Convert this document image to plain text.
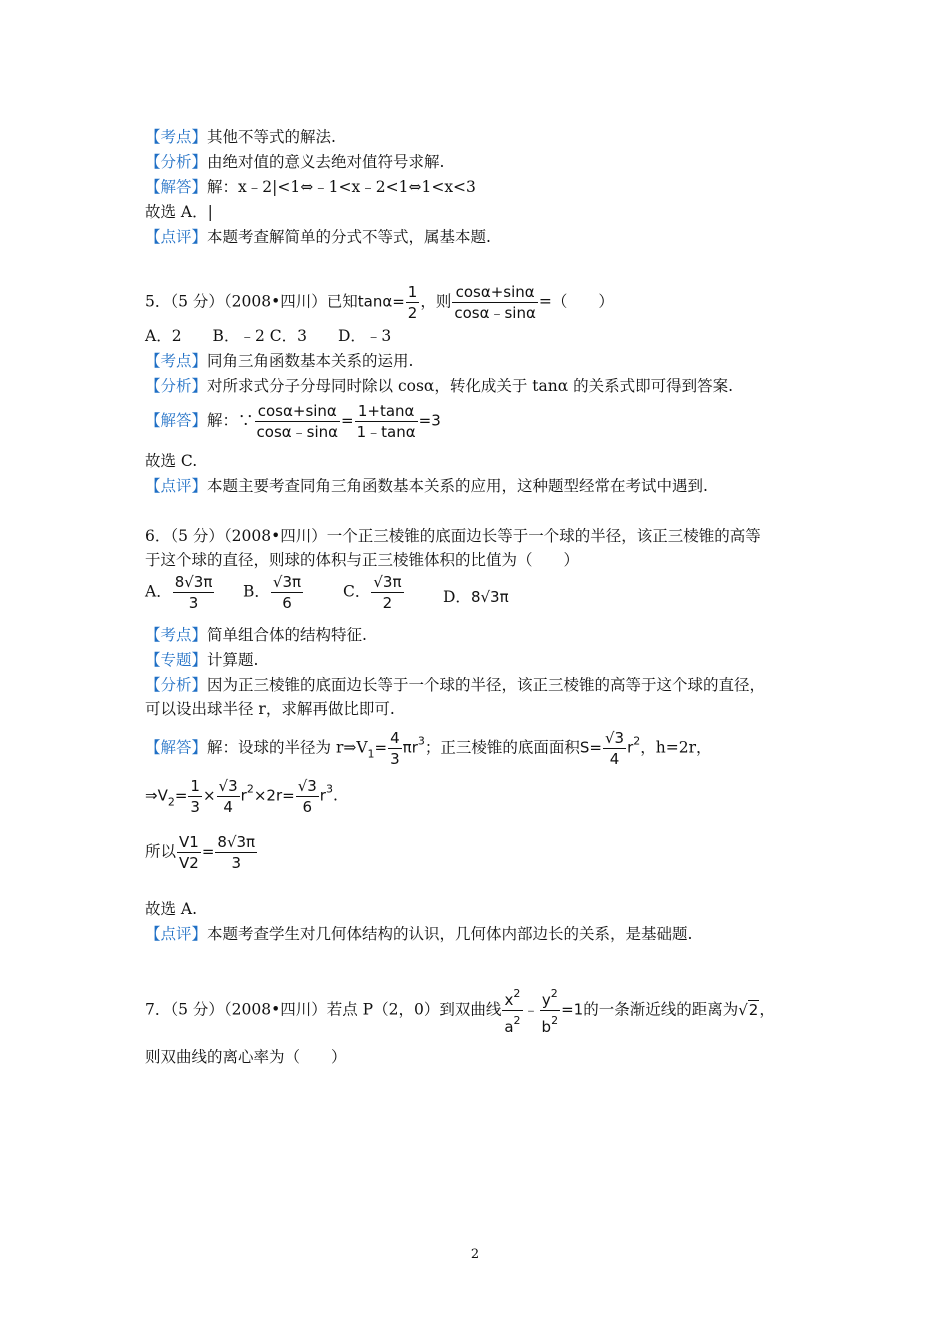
【考点】其他不等式的解法.
【分析】由绝对值的意义去绝对值符号求解.
【解答】解：x﹣2|<1⇔﹣1<x﹣2<1⇔1<x<3
故选 A．|
【点评】本题考查解简单的分式不等式，属基本题.
5．（5 分）（2008•四川）已知$\tan\alpha= \frac{1}{2}$ ，则 $\frac{\cos\alpha+\sin\alpha}{\cos\alpha﹣\sin\alpha}$ =（　　）
A．2　　B．﹣2 C．3　　D．﹣3
【考点】同角三角函数基本关系的运用.
【分析】对所求式分子分母同时除以 cosα，转化成关于 tanα 的关系式即可得到答案.
【解答】解：∵ $\frac{\cos\alpha+\sin\alpha}{\cos\alpha﹣\sin\alpha} = \frac{1+\tan\alpha}{1﹣\tan\alpha} =3$
故选 C.
【点评】本题主要考查同角三角函数基本关系的应用，这种题型经常在考试中遇到.
6．（5 分）（2008•四川）一个正三棱锥的底面边长等于一个球的半径，该正三棱锥的高等
于这个球的直径，则球的体积与正三棱锥体积的比值为（　　）
A． $\frac{8√3\pi}{3}$ B． $\frac{√3\pi}{6}$	C． $\frac{√3\pi}{2}$	D．8√3π
【考点】简单组合体的结构特征.
【专题】计算题.
【分析】因为正三棱锥的底面边长等于一个球的半径，该正三棱锥的高等于这个球的直径，
可以设出球半径 r，求解再做比即可.
【解答】解：设球的半径为 $r\Rightarrow V_1= \frac{4}{3} \pi r^3$；正三棱锥的底面面积$S= \frac{√3}{4} r^2$，h=2r，
$\Rightarrow V_2= \frac{1}{3} \times \frac{√3}{4} r^2\times 2r= \frac{√3}{6} r^3$.
所以 $\frac{V1}{V2} = \frac{8√3\pi}{3}$
故选 A.
【点评】本题考查学生对几何体结构的认识，几何体内部边长的关系，是基础题.
7．（5 分）（2008•四川）若点 P（2，0）到双曲线 $\frac{x^2}{a^2}$ ﹣ $\frac{y^2}{b^2} =1$的一条渐近线的距离为√2，
则双曲线的离心率为（　　）
2
